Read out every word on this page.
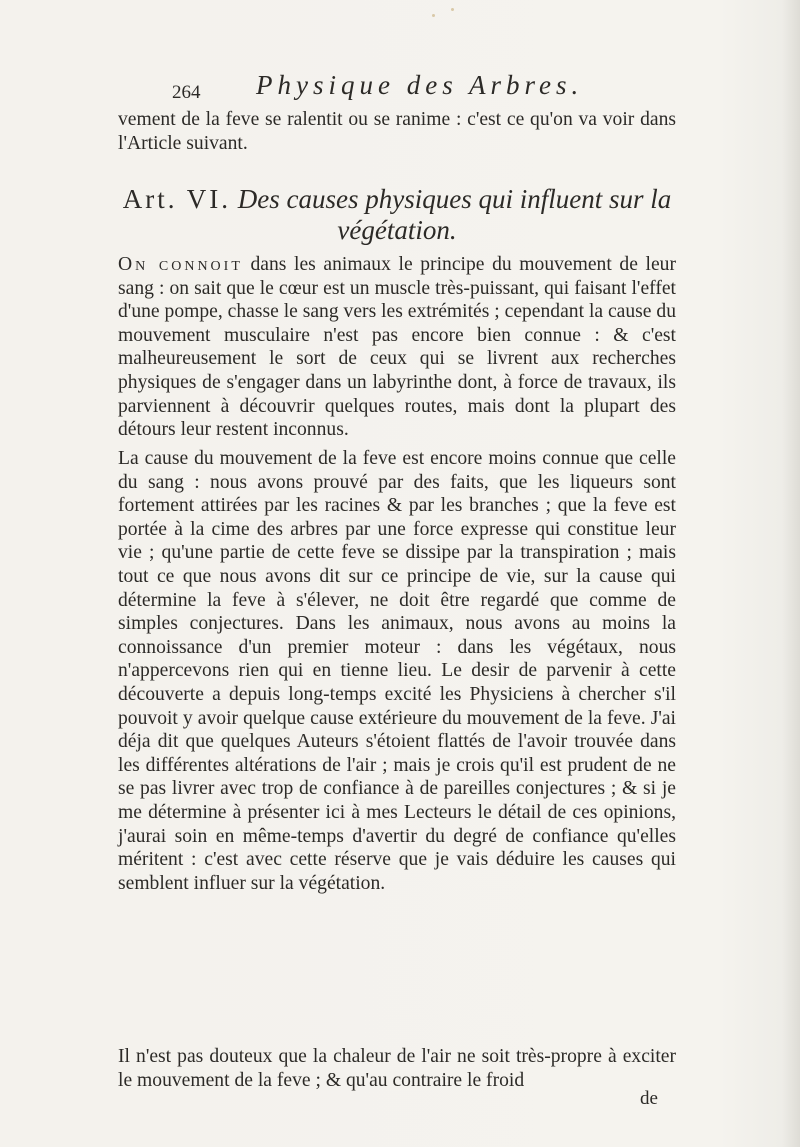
264 Physique des Arbres.

vement de la feve se ralentit ou se ranime : c'est ce qu'on va voir dans l'Article suivant.

Art. VI. Des causes physiques qui influent sur la végétation.

On connoit dans les animaux le principe du mouvement de leur sang : on sait que le cœur est un muscle très-puissant, qui faisant l'effet d'une pompe, chasse le sang vers les extrémités ; cependant la cause du mouvement musculaire n'est pas encore bien connue : & c'est malheureusement le sort de ceux qui se livrent aux recherches physiques de s'engager dans un labyrinthe dont, à force de travaux, ils parviennent à découvrir quelques routes, mais dont la plupart des détours leur restent inconnus.

La cause du mouvement de la feve est encore moins connue que celle du sang : nous avons prouvé par des faits, que les liqueurs sont fortement attirées par les racines & par les branches ; que la feve est portée à la cime des arbres par une force expresse qui constitue leur vie ; qu'une partie de cette feve se dissipe par la transpiration ; mais tout ce que nous avons dit sur ce principe de vie, sur la cause qui détermine la feve à s'élever, ne doit être regardé que comme de simples conjectures. Dans les animaux, nous avons au moins la connoissance d'un premier moteur : dans les végétaux, nous n'appercevons rien qui en tienne lieu. Le desir de parvenir à cette découverte a depuis long-temps excité les Physiciens à chercher s'il pouvoit y avoir quelque cause extérieure du mouvement de la feve. J'ai déja dit que quelques Auteurs s'étoient flattés de l'avoir trouvée dans les différentes altérations de l'air ; mais je crois qu'il est prudent de ne se pas livrer avec trop de confiance à de pareilles conjectures ; & si je me détermine à présenter ici à mes Lecteurs le détail de ces opinions, j'aurai soin en même-temps d'avertir du degré de confiance qu'elles méritent : c'est avec cette réserve que je vais déduire les causes qui semblent influer sur la végétation.

Il n'est pas douteux que la chaleur de l'air ne soit très-propre à exciter le mouvement de la feve ; & qu'au contraire le froid

de
